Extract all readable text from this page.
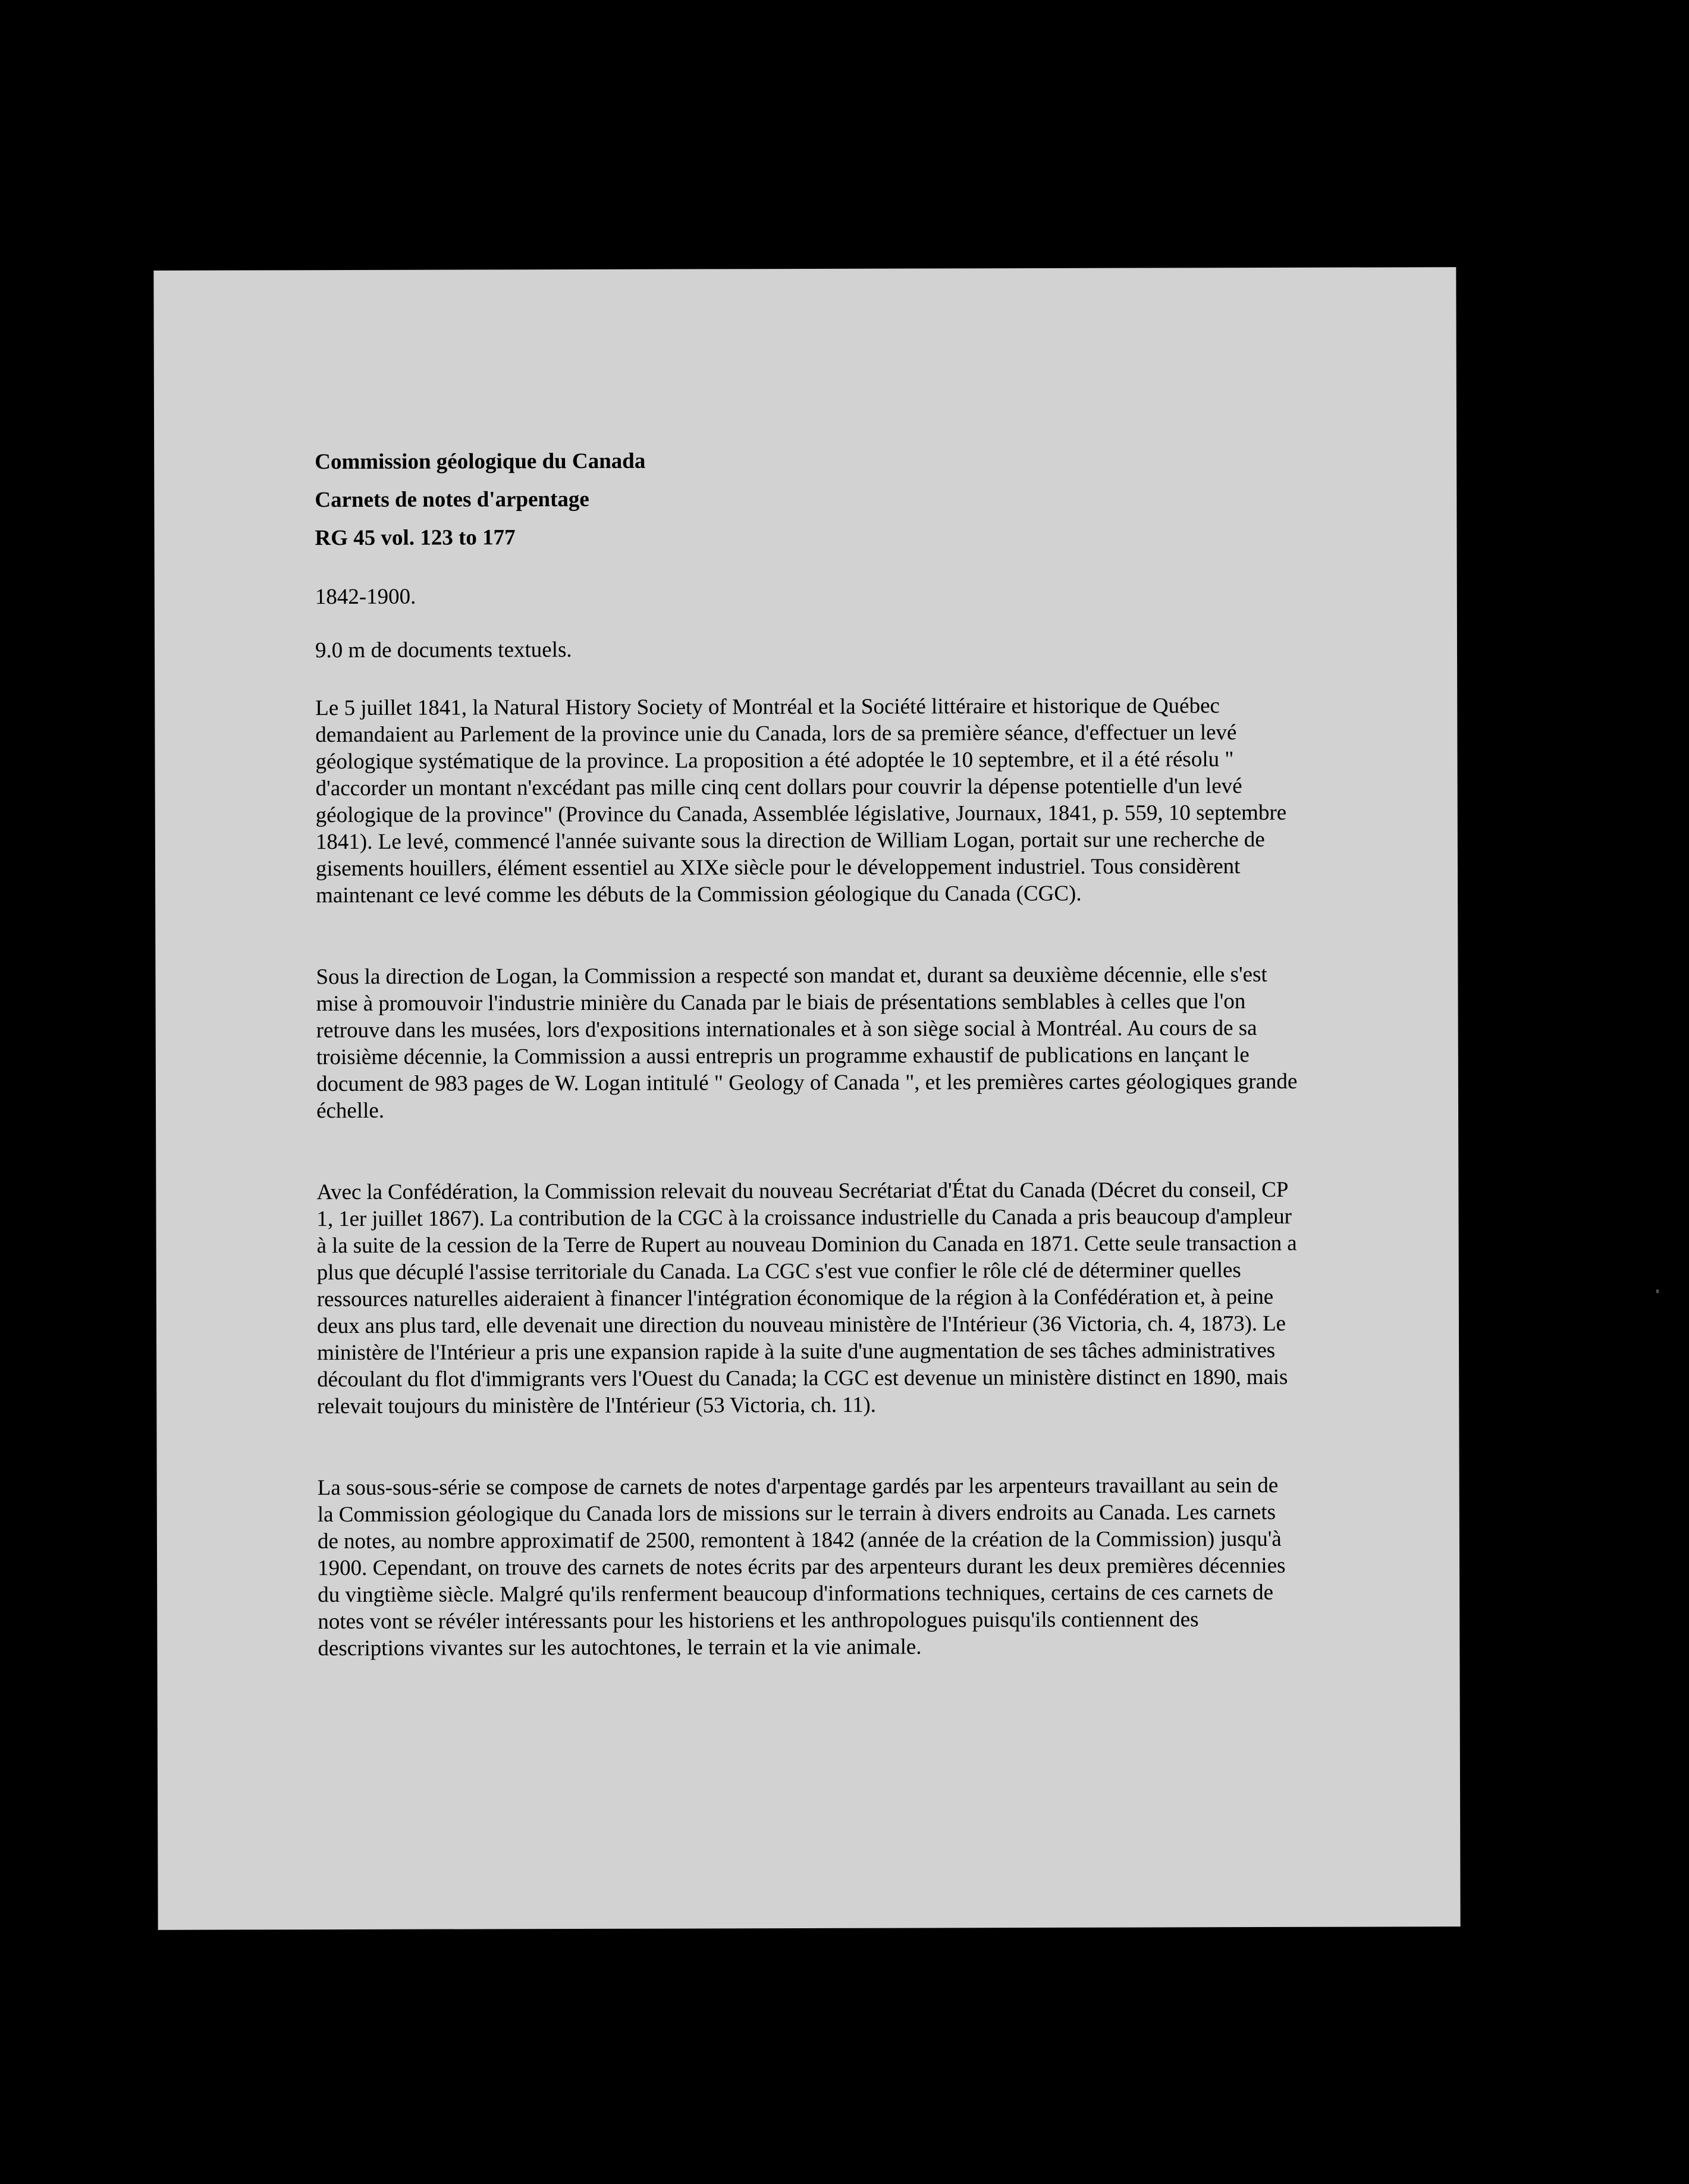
Commission géologique du Canada
Carnets de notes d'arpentage
RG 45 vol. 123 to 177

1842-1900.

9.0 m de documents textuels.

Le 5 juillet 1841, la Natural History Society of Montréal et la Société littéraire et historique de Québec demandaient au Parlement de la province unie du Canada, lors de sa première séance, d'effectuer un levé géologique systématique de la province. La proposition a été adoptée le 10 septembre, et il a été résolu " d'accorder un montant n'excédant pas mille cinq cent dollars pour couvrir la dépense potentielle d'un levé géologique de la province" (Province du Canada, Assemblée législative, Journaux, 1841, p. 559, 10 septembre 1841). Le levé, commencé l'année suivante sous la direction de William Logan, portait sur une recherche de gisements houillers, élément essentiel au XIXe siècle pour le développement industriel. Tous considèrent maintenant ce levé comme les débuts de la Commission géologique du Canada (CGC).

Sous la direction de Logan, la Commission a respecté son mandat et, durant sa deuxième décennie, elle s'est mise à promouvoir l'industrie minière du Canada par le biais de présentations semblables à celles que l'on retrouve dans les musées, lors d'expositions internationales et à son siège social à Montréal. Au cours de sa troisième décennie, la Commission a aussi entrepris un programme exhaustif de publications en lançant le document de 983 pages de W. Logan intitulé " Geology of Canada ", et les premières cartes géologiques grande échelle.

Avec la Confédération, la Commission relevait du nouveau Secrétariat d'État du Canada (Décret du conseil, CP 1, 1er juillet 1867). La contribution de la CGC à la croissance industrielle du Canada a pris beaucoup d'ampleur à la suite de la cession de la Terre de Rupert au nouveau Dominion du Canada en 1871. Cette seule transaction a plus que décuplé l'assise territoriale du Canada. La CGC s'est vue confier le rôle clé de déterminer quelles ressources naturelles aideraient à financer l'intégration économique de la région à la Confédération et, à peine deux ans plus tard, elle devenait une direction du nouveau ministère de l'Intérieur (36 Victoria, ch. 4, 1873). Le ministère de l'Intérieur a pris une expansion rapide à la suite d'une augmentation de ses tâches administratives découlant du flot d'immigrants vers l'Ouest du Canada; la CGC est devenue un ministère distinct en 1890, mais relevait toujours du ministère de l'Intérieur (53 Victoria, ch. 11).

La sous-sous-série se compose de carnets de notes d'arpentage gardés par les arpenteurs travaillant au sein de la Commission géologique du Canada lors de missions sur le terrain à divers endroits au Canada. Les carnets de notes, au nombre approximatif de 2500, remontent à 1842 (année de la création de la Commission) jusqu'à 1900. Cependant, on trouve des carnets de notes écrits par des arpenteurs durant les deux premières décennies du vingtième siècle. Malgré qu'ils renferment beaucoup d'informations techniques, certains de ces carnets de notes vont se révéler intéressants pour les historiens et les anthropologues puisqu'ils contiennent des descriptions vivantes sur les autochtones, le terrain et la vie animale.
